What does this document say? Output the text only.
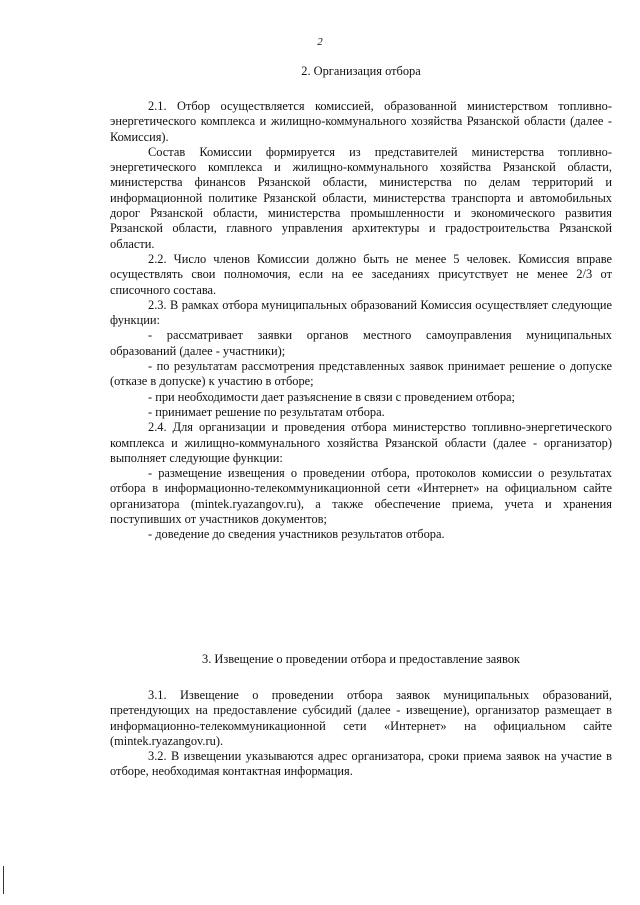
2
2. Организация отбора

2.1. Отбор осуществляется комиссией, образованной министерством топливно-энергетического комплекса и жилищно-коммунального хозяйства Рязанской области (далее - Комиссия).

Состав Комиссии формируется из представителей министерства топливно-энергетического комплекса и жилищно-коммунального хозяйства Рязанской области, министерства финансов Рязанской области, министерства по делам территорий и информационной политике Рязанской области, министерства транспорта и автомобильных дорог Рязанской области, министерства промышленности и экономического развития Рязанской области, главного управления архитектуры и градостроительства Рязанской области.

2.2. Число членов Комиссии должно быть не менее 5 человек. Комиссия вправе осуществлять свои полномочия, если на ее заседаниях присутствует не менее 2/3 от списочного состава.

2.3. В рамках отбора муниципальных образований Комиссия осуществляет следующие функции:

- рассматривает заявки органов местного самоуправления муниципальных образований (далее - участники);

- по результатам рассмотрения представленных заявок принимает решение о допуске (отказе в допуске) к участию в отборе;

- при необходимости дает разъяснение в связи с проведением отбора;

- принимает решение по результатам отбора.

2.4. Для организации и проведения отбора министерство топливно-энергетического комплекса и жилищно-коммунального хозяйства Рязанской области (далее - организатор) выполняет следующие функции:

- размещение извещения о проведении отбора, протоколов комиссии о результатах отбора в информационно-телекоммуникационной сети «Интернет» на официальном сайте организатора (mintek.ryazangov.ru), а также обеспечение приема, учета и хранения поступивших от участников документов;

- доведение до сведения участников результатов отбора.

3. Извещение о проведении отбора и предоставление заявок

3.1. Извещение о проведении отбора заявок муниципальных образований, претендующих на предоставление субсидий (далее - извещение), организатор размещает в информационно-телекоммуникационной сети «Интернет» на официальном сайте (mintek.ryazangov.ru).

3.2. В извещении указываются адрес организатора, сроки приема заявок на участие в отборе, необходимая контактная информация.
